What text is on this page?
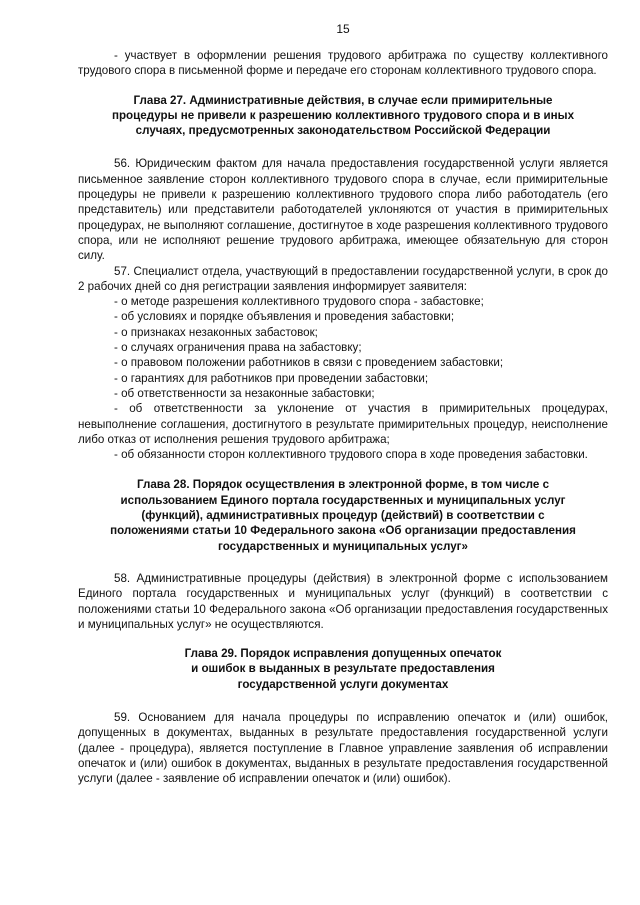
15

- участвует в оформлении решения трудового арбитража по существу коллективного трудового спора в письменной форме и передаче его сторонам коллективного трудового спора.

Глава 27. Административные действия, в случае если примирительные
процедуры не привели к разрешению коллективного трудового спора и в иных
случаях, предусмотренных законодательством Российской Федерации

56. Юридическим фактом для начала предоставления государственной услуги является письменное заявление сторон коллективного трудового спора в случае, если примирительные процедуры не привели к разрешению коллективного трудового спора либо работодатель (его представитель) или представители работодателей уклоняются от участия в примирительных процедурах, не выполняют соглашение, достигнутое в ходе разрешения коллективного трудового спора, или не исполняют решение трудового арбитража, имеющее обязательную для сторон силу.

57. Специалист отдела, участвующий в предоставлении государственной услуги, в срок до 2 рабочих дней со дня регистрации заявления информирует заявителя:

- о методе разрешения коллективного трудового спора - забастовке;

- об условиях и порядке объявления и проведения забастовки;

- о признаках незаконных забастовок;

- о случаях ограничения права на забастовку;

- о правовом положении работников в связи с проведением забастовки;

- о гарантиях для работников при проведении забастовки;

- об ответственности за незаконные забастовки;

- об ответственности за уклонение от участия в примирительных процедурах, невыполнение соглашения, достигнутого в результате примирительных процедур, неисполнение либо отказ от исполнения решения трудового арбитража;

- об обязанности сторон коллективного трудового спора в ходе проведения забастовки.

Глава 28. Порядок осуществления в электронной форме, в том числе с
использованием Единого портала государственных и муниципальных услуг
(функций), административных процедур (действий) в соответствии с
положениями статьи 10 Федерального закона «Об организации предоставления
государственных и муниципальных услуг»

58. Административные процедуры (действия) в электронной форме с использованием Единого портала государственных и муниципальных услуг (функций) в соответствии с положениями статьи 10 Федерального закона «Об организации предоставления государственных и муниципальных услуг» не осуществляются.

Глава 29. Порядок исправления допущенных опечаток
и ошибок в выданных в результате предоставления
государственной услуги документах

59. Основанием для начала процедуры по исправлению опечаток и (или) ошибок, допущенных в документах, выданных в результате предоставления государственной услуги (далее - процедура), является поступление в Главное управление заявления об исправлении опечаток и (или) ошибок в документах, выданных в результате предоставления государственной услуги (далее - заявление об исправлении опечаток и (или) ошибок).
